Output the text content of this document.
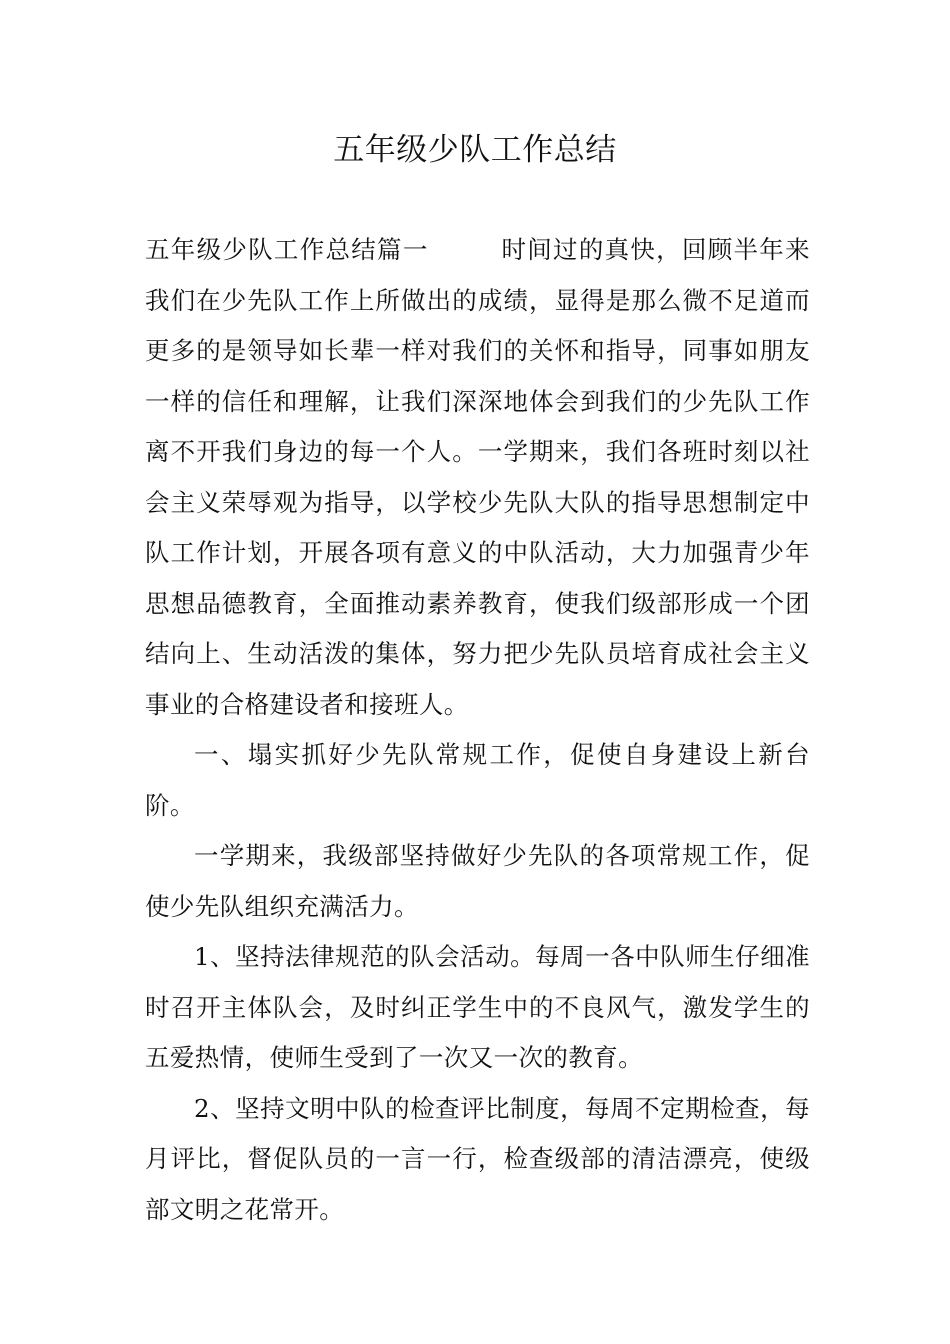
五年级少队工作总结

五年级少队工作总结篇一	时间过的真快，回顾半年来我们在少先队工作上所做出的成绩，显得是那么微不足道而更多的是领导如长辈一样对我们的关怀和指导，同事如朋友一样的信任和理解，让我们深深地体会到我们的少先队工作离不开我们身边的每一个人。一学期来，我们各班时刻以社会主义荣辱观为指导，以学校少先队大队的指导思想制定中队工作计划，开展各项有意义的中队活动，大力加强青少年思想品德教育，全面推动素养教育，使我们级部形成一个团结向上、生动活泼的集体，努力把少先队员培育成社会主义事业的合格建设者和接班人。

一、塌实抓好少先队常规工作，促使自身建设上新台阶。

一学期来，我级部坚持做好少先队的各项常规工作，促使少先队组织充满活力。

1、坚持法律规范的队会活动。每周一各中队师生仔细准时召开主体队会，及时纠正学生中的不良风气，激发学生的五爱热情，使师生受到了一次又一次的教育。

2、坚持文明中队的检查评比制度，每周不定期检查，每月评比，督促队员的一言一行，检查级部的清洁漂亮，使级部文明之花常开。
